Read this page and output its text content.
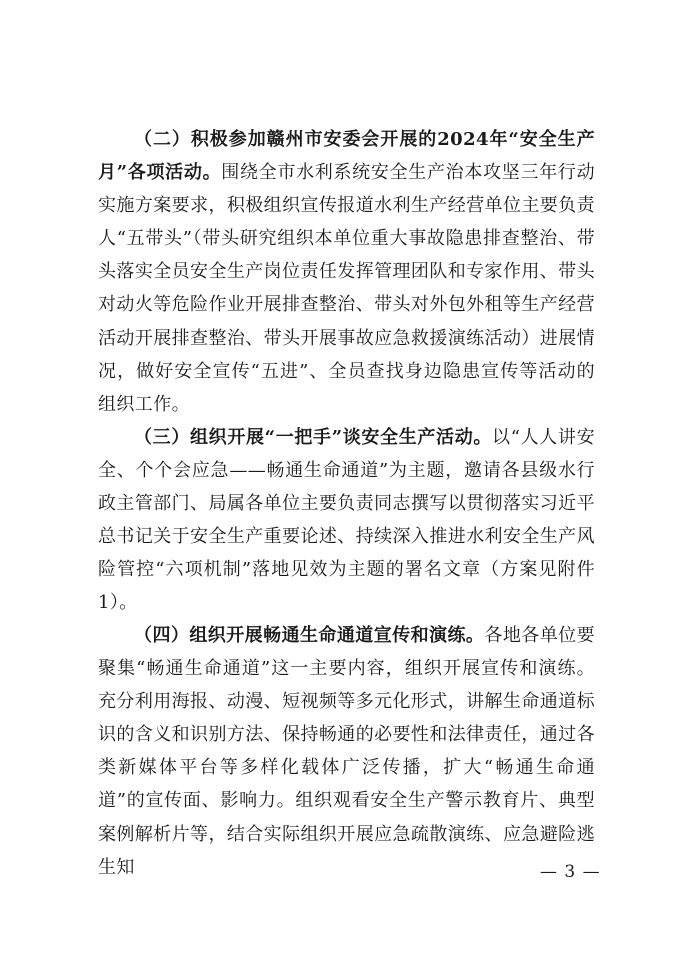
（二）积极参加赣州市安委会开展的2024年“安全生产月”各项活动。围绕全市水利系统安全生产治本攻坚三年行动实施方案要求，积极组织宣传报道水利生产经营单位主要负责人“五带头”（带头研究组织本单位重大事故隐患排查整治、带头落实全员安全生产岗位责任发挥管理团队和专家作用、带头对动火等危险作业开展排查整治、带头对外包外租等生产经营活动开展排查整治、带头开展事故应急救援演练活动）进展情况，做好安全宣传“五进”、全员查找身边隐患宣传等活动的组织工作。

（三）组织开展“一把手”谈安全生产活动。以“人人讲安全、个个会应急——畅通生命通道”为主题，邀请各县级水行政主管部门、局属各单位主要负责同志撰写以贯彻落实习近平总书记关于安全生产重要论述、持续深入推进水利安全生产风险管控“六项机制”落地见效为主题的署名文章（方案见附件1）。

（四）组织开展畅通生命通道宣传和演练。各地各单位要聚集“畅通生命通道”这一主要内容，组织开展宣传和演练。充分利用海报、动漫、短视频等多元化形式，讲解生命通道标识的含义和识别方法、保持畅通的必要性和法律责任，通过各类新媒体平台等多样化载体广泛传播，扩大“畅通生命通道”的宣传面、影响力。组织观看安全生产警示教育片、典型案例解析片等，结合实际组织开展应急疏散演练、应急避险逃生知	— 3 —
